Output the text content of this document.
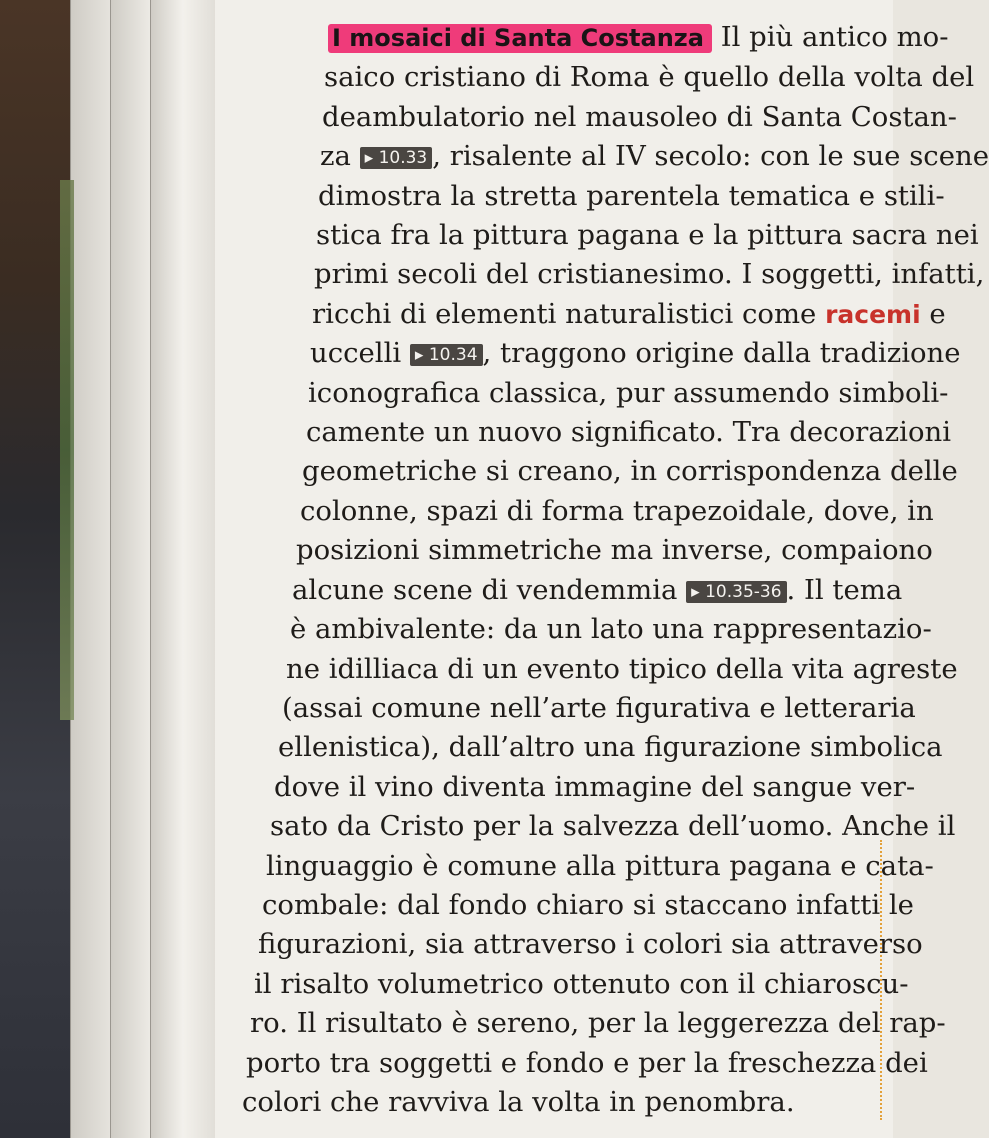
I mosaici di Santa Costanza Il più antico mo-
saico cristiano di Roma è quello della volta del
deambulatorio nel mausoleo di Santa Costan-
za ▸ 10.33 , risalente al IV secolo: con le sue scene
dimostra la stretta parentela tematica e stili-
stica fra la pittura pagana e la pittura sacra nei
primi secoli del cristianesimo. I soggetti, infatti,
ricchi di elementi naturalistici come racemi e
uccelli ▸ 10.34 , traggono origine dalla tradizione
iconografica classica, pur assumendo simboli-
camente un nuovo significato. Tra decorazioni
geometriche si creano, in corrispondenza delle
colonne, spazi di forma trapezoidale, dove, in
posizioni simmetriche ma inverse, compaiono
alcune scene di vendemmia ▸ 10.35-36 . Il tema
è ambivalente: da un lato una rappresentazio-
ne idilliaca di un evento tipico della vita agreste
(assai comune nell’arte figurativa e letteraria
ellenistica), dall’altro una figurazione simbolica
dove il vino diventa immagine del sangue ver-
sato da Cristo per la salvezza dell’uomo. Anche il
linguaggio è comune alla pittura pagana e cata-
combale: dal fondo chiaro si staccano infatti le
figurazioni, sia attraverso i colori sia attraverso
il risalto volumetrico ottenuto con il chiaroscu-
ro. Il risultato è sereno, per la leggerezza del rap-
porto tra soggetti e fondo e per la freschezza dei
colori che ravviva la volta in penombra.
